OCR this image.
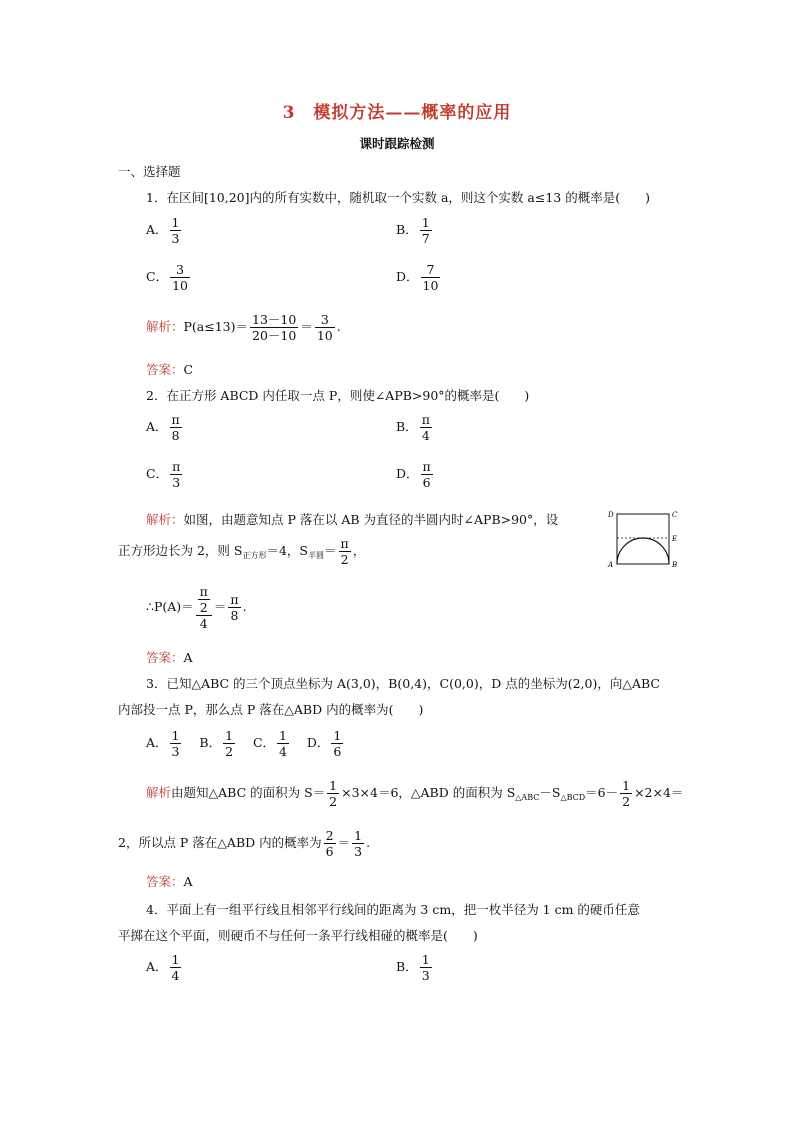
3　模拟方法——概率的应用
课时跟踪检测
一、选择题
1．在区间[10,20]内的所有实数中，随机取一个实数 a，则这个实数 a≤13 的概率是(　　)
A． $\frac{1}{3}$	B． $\frac{1}{7}$
C． $\frac{3}{10}$	D． $\frac{7}{10}$
解析：$P(a\le 13)= \frac{13-10}{20-10} = \frac{3}{10}$ .
答案：C
2．在正方形 ABCD 内任取一点 P，则使∠APB>90°的概率是(　　)
A． $\frac{\pi}{8}$	B． $\frac{\pi}{4}$
C． $\frac{\pi}{3}$	D． $\frac{\pi}{6}$
解析：如图，由题意知点 P 落在以 AB 为直径的半圆内时∠APB>90°，设
正方形边长为 2，则 $S_{正方形}=4$，$S_{半圆}= \frac{\pi}{2}$ ，
∴P(A)＝ $\frac{\frac{\pi}{2}}{4} = \frac{\pi}{8}$ .
D	C
E
A	B
答案：A
3．已知△ABC 的三个顶点坐标为 A(3,0)，B(0,4)，C(0,0)，D 点的坐标为(2,0)，向△ABC
内部投一点 P，那么点 P 落在△ABD 内的概率为(　　)
A． $\frac{1}{3}$ B． $\frac{1}{2}$ C． $\frac{1}{4}$ D． $\frac{1}{6}$
解析由题知△ABC 的面积为 $S= \frac{1}{2} \times 3\times 4=6$，△ABD 的面积为 $S_{\triangle ABC}-S_{\triangle BCD}=6- \frac{1}{2} \times 2\times 4=$
2，所以点 P 落在△ABD 内的概率为 $\frac{2}{6} = \frac{1}{3}$ .
答案：A
4．平面上有一组平行线且相邻平行线间的距离为 3 cm，把一枚半径为 1 cm 的硬币任意
平掷在这个平面，则硬币不与任何一条平行线相碰的概率是(　　)
A． $\frac{1}{4}$	B． $\frac{1}{3}$
